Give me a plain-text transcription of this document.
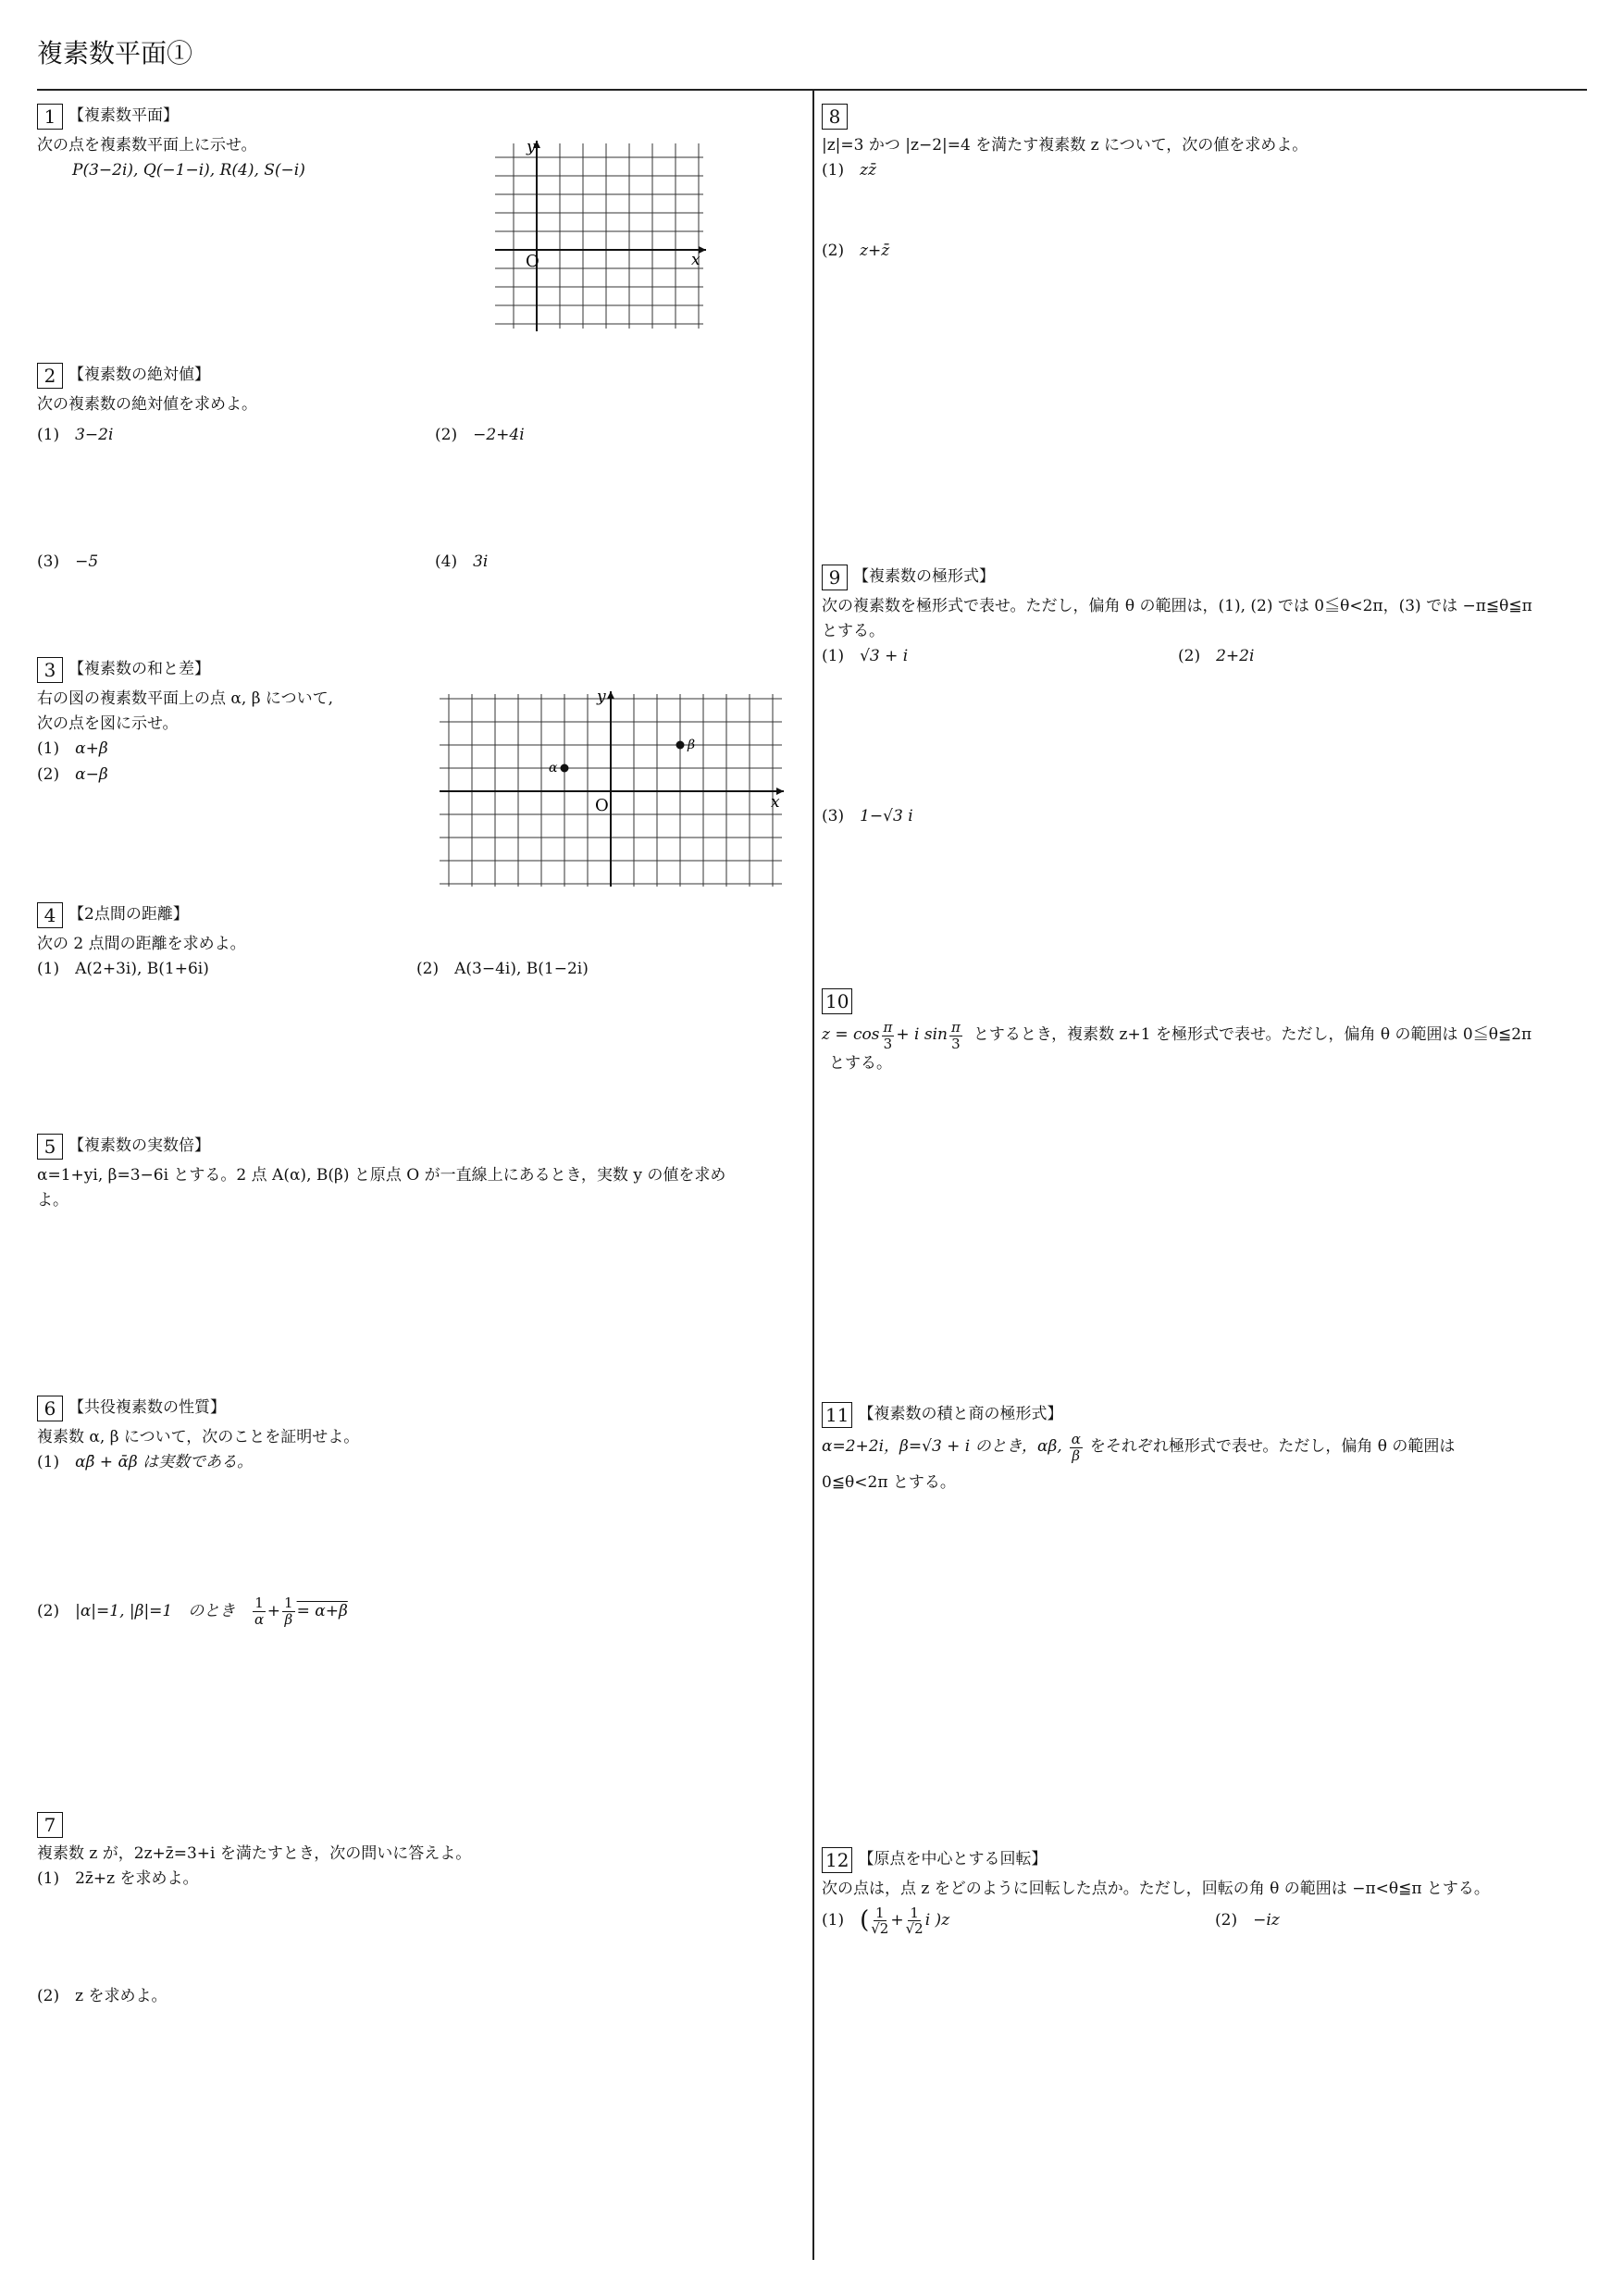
複素数平面①
1 【複素数平面】
次の点を複素数平面上に示せ。
P(3−2i), Q(−1−i), R(4), S(−i)
y
x
O
2 【複素数の絶対値】
次の複素数の絶対値を求めよ。
(1)　 3−2i	(2)　 −2+4i
(3)　 −5	(4)　 3i
3 【複素数の和と差】
右の図の複素数平面上の点 α, β について,
次の点を図に示せ。
(1)　 α+β
(2)　 α−β	α
β
y
x
O
4 【2点間の距離】
次の 2 点間の距離を求めよ。
(1)　 A(2+3i), B(1+6i)	(2)　 A(3−4i), B(1−2i)
5 【複素数の実数倍】
α=1+yi, β=3−6i とする。2 点 A(α), B(β) と原点 O が一直線上にあるとき，実数 y の値を求め
よ。
6 【共役複素数の性質】
複素数 α, β について，次のことを証明せよ。
(1)　 αβ̄ + ᾱβ は実数である。
(2)
　 |α|=1, |β|=1　のとき
　 $\frac{1}{\alpha} + \frac{1}{\beta} = \alpha+\beta$
7
複素数 z が，2z+z̄=3+i を満たすとき，次の問いに答えよ。
(1)　 2z̄+z を求めよ。
(2)　 z を求めよ。
8
|z|=3 かつ |z−2|=4 を満たす複素数 z について，次の値を求めよ。
(1)　 zz̄
(2)　 z+z̄
9 【複素数の極形式】
次の複素数を極形式で表せ。ただし，偏角 θ の範囲は，(1), (2) では 0≦θ<2π，(3) では −π≦θ≦π
とする。
(1)　 √3 + i	(2)　 2+2i
(3)　 1−√3 i
10
$z = \cos \frac{\pi}{3} + i$ $\sin \frac{\pi}{3}$ とするとき，複素数 z+1 を極形式で表せ。ただし，偏角 θ の範囲は 0≦θ≦2π
とする。
11 【複素数の積と商の極形式】
α=2+2i，β=√3 + i のとき，αβ, $\frac{\alpha}{\beta}$ をそれぞれ極形式で表せ。ただし，偏角 θ の範囲は
0≦θ<2π とする。
12 【原点を中心とする回転】
次の点は，点 z をどのように回転した点か。ただし，回転の角 θ の範囲は −π<θ≦π とする。
(1)
　 ( $\frac{1}{√2} + \frac{1}{√2}$ i )z	(2)　 −iz
